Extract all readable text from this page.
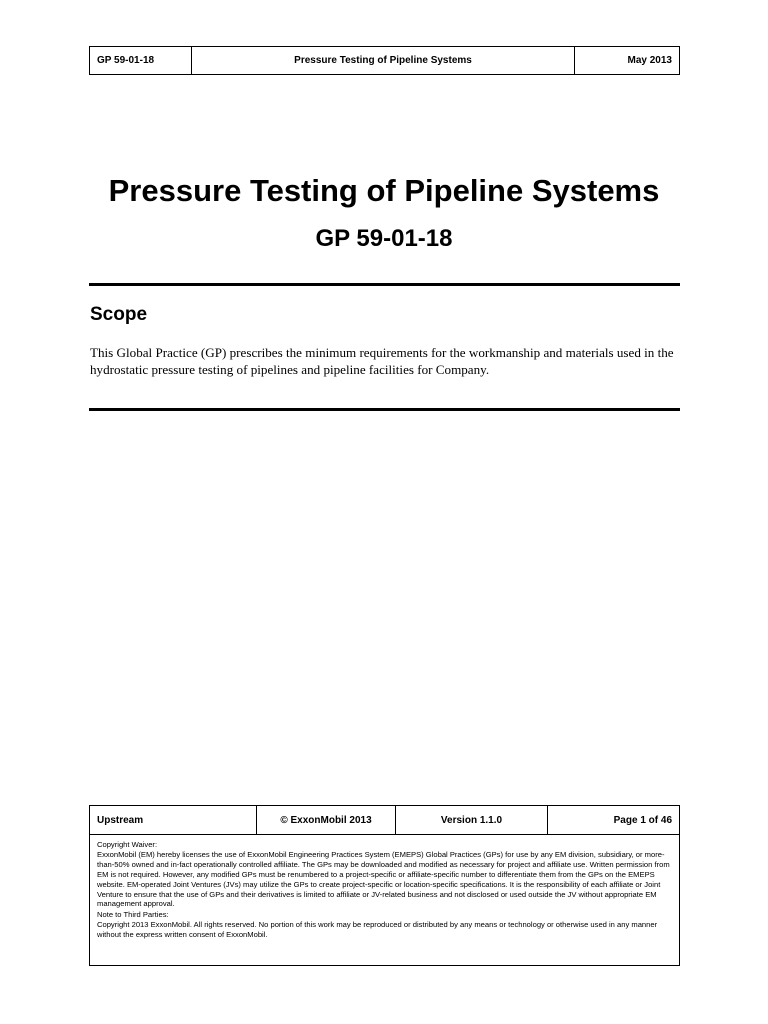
GP 59-01-18	Pressure Testing of Pipeline Systems	May 2013
Pressure Testing of Pipeline Systems
GP 59-01-18
Scope

This Global Practice (GP) prescribes the minimum requirements for the workmanship and materials used in the hydrostatic pressure testing of pipelines and pipeline facilities for Company.

Upstream	© ExxonMobil 2013	Version 1.1.0	Page 1 of 46

Copyright Waiver:

ExxonMobil (EM) hereby licenses the use of ExxonMobil Engineering Practices System (EMEPS) Global Practices (GPs) for use by any EM division, subsidiary, or more-than-50% owned and in-fact operationally controlled affiliate. The GPs may be downloaded and modified as necessary for project and affiliate use. Written permission from EM is not required. However, any modified GPs must be renumbered to a project-specific or affiliate-specific number to differentiate them from the GPs on the EMEPS website. EM-operated Joint Ventures (JVs) may utilize the GPs to create project-specific or location-specific specifications. It is the responsibility of each affiliate or Joint Venture to ensure that the use of GPs and their derivatives is limited to affiliate or JV-related business and not disclosed or used outside the JV without appropriate EM management approval.

Note to Third Parties:

Copyright 2013 ExxonMobil. All rights reserved. No portion of this work may be reproduced or distributed by any means or technology or otherwise used in any manner without the express written consent of ExxonMobil.
